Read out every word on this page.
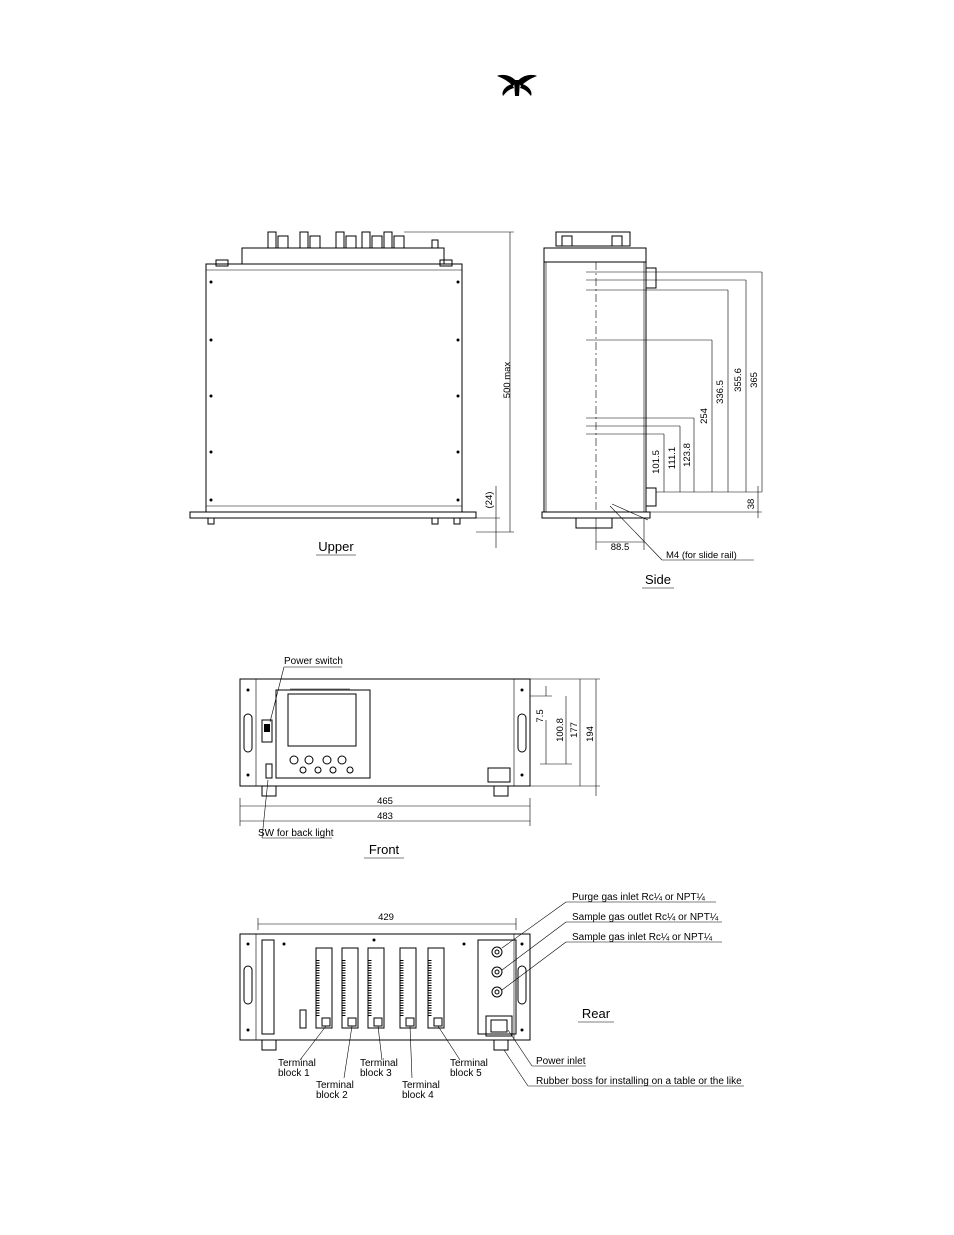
500 max
(24)
Upper
101.5 111.1 123.8
254
336.5
355.6 365
38
88.5
M4 (for slide rail)
Side
Power switch
SW for back light
465
483
7.5
100.8 177 194
Front
429
Purge gas inlet Rc¼ or NPT¼
Sample gas outlet Rc¼ or NPT¼
Sample gas inlet Rc¼ or NPT¼
Power inlet
Rubber boss for installing on a table or the like
Terminal
block 1
Terminal
block 2
Terminal
block 3
Terminal
block 4
Terminal
block 5
Rear
